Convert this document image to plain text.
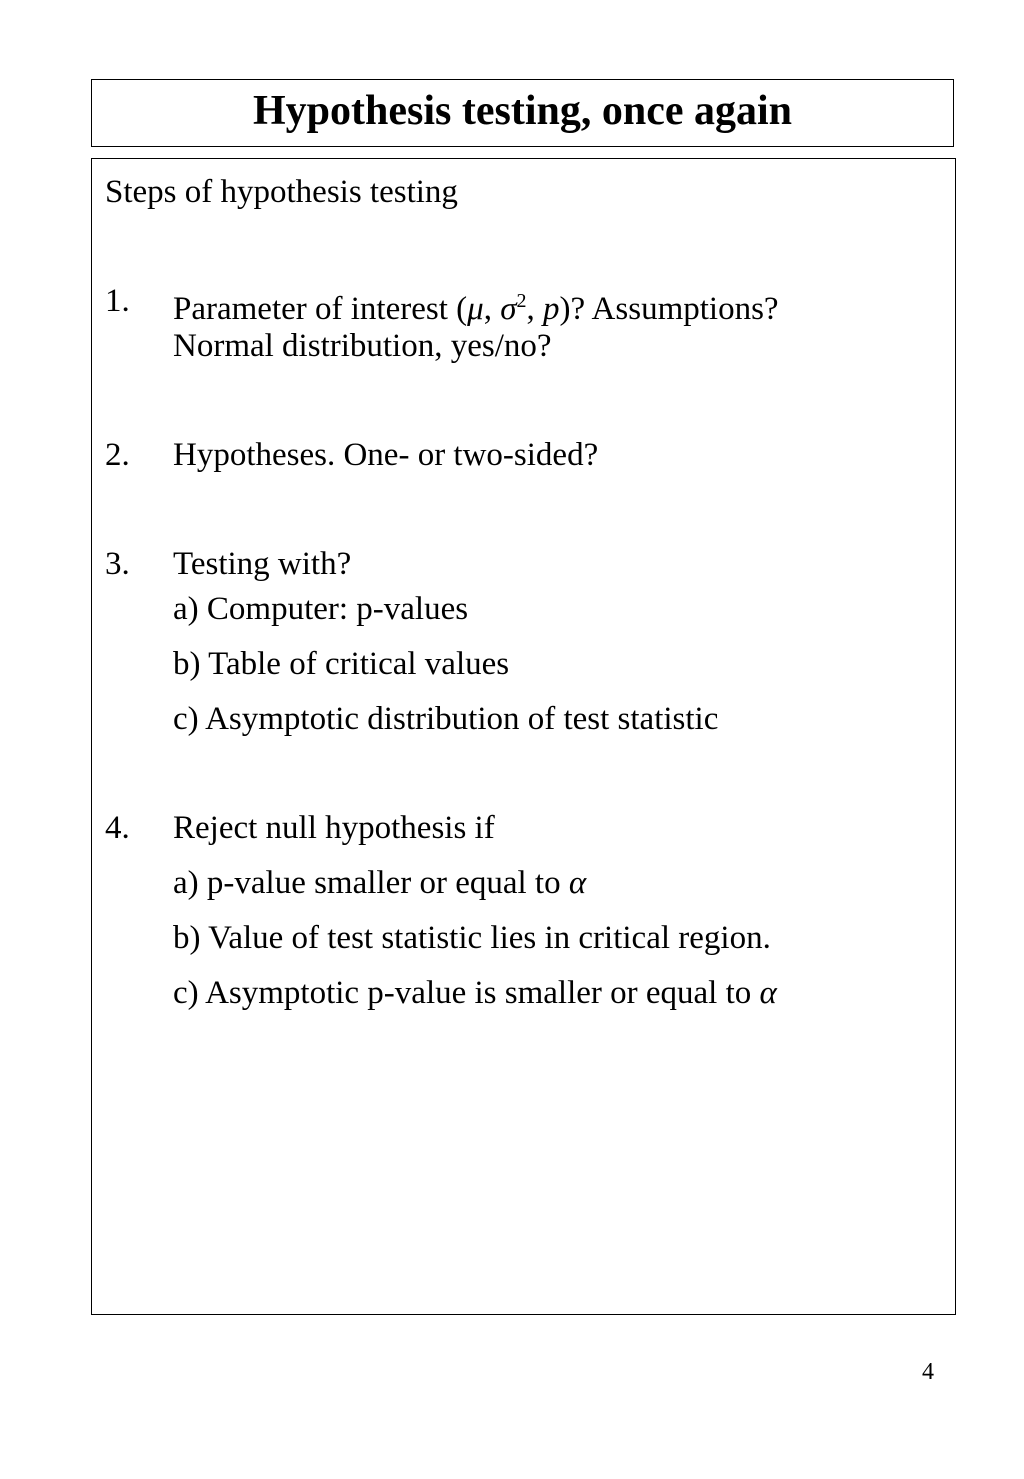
Hypothesis testing, once again
Steps of hypothesis testing
1. Parameter of interest (μ, $\sigma^2$, p)? Assumptions?
Normal distribution, yes/no?
2. Hypotheses. One- or two-sided?
3. Testing with?
a) Computer: p-values
b) Table of critical values
c) Asymptotic distribution of test statistic
4. Reject null hypothesis if
a) p-value smaller or equal to α
b) Value of test statistic lies in critical region.
c) Asymptotic p-value is smaller or equal to α
4
